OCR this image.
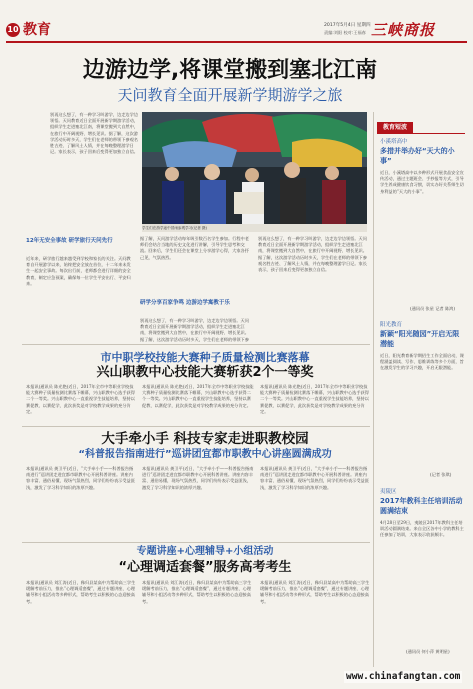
10 教育	2017年5月4日 星期四
责编:刘阳 校对:王福春 三峡商报
边游边学,将课堂搬到塞北江南
天问教育全面开展新学期游学之旅
别再这么想了，有一种学习叫游学，边走边学边领悟。天问教育近日全面开展新学期游学活动，组织学生走进塞北江南，将课堂搬到大自然中，在旅行中开阔视野、增长见识。据了解，这次游学活动历时多天，学生们在老师的带领下参观名胜古迹、了解风土人情，并在每晚整理游学日记。家长表示，孩子回来后变得更加独立自信。
学生们在游学途中冒雨参观学习(记者 摄)
12年无安全事故 研学旅行天问先行
近年来，研学旅行越来越受到学校和家长的关注。天问教育自开展游学以来，始终把安全放在首位，十二年来未发生一起安全事故。每次出行前，老师都会进行详细的安全教育，制定应急预案，确保每一位学生平安出行、平安归来。
据了解，天问游学活动每年吸引数百名学生参加。行程中老师们会结合当地的历史文化进行讲解，引导学生思考和交流。回来后，学生们还会在课堂上分享游学心得，大家各抒己见，气氛热烈。
研学分享百家争鸣 边游边学寓教于乐
别再这么想了，有一种学习叫游学，边走边学边领悟。天问教育近日全面开展新学期游学活动，组织学生走进塞北江南，将课堂搬到大自然中，在旅行中开阔视野、增长见识。据了解，这次游学活动历时多天，学生们在老师的带领下参
别再这么想了，有一种学习叫游学，边走边学边领悟。天问教育近日全面开展新学期游学活动，组织学生走进塞北江南，将课堂搬到大自然中，在旅行中开阔视野、增长见识。据了解，这次游学活动历时多天，学生们在老师的带领下参观名胜古迹、了解风土人情，并在每晚整理游学日记。家长表示，孩子回来后变得更加独立自信。
教育短波
小溪塔高中
多措并举办好“天大的小事”
近日，小溪塔高中以多种形式开展食品安全宣传活动，通过主题班会、手抄报等方式，引导学生养成健康饮食习惯，切实办好关系师生切身利益的“天大的小事”。
(通讯员 张星 记者 陈鸿)
阳光教育
新颖“阳光随园”开启无限潜能
近日，阳光教育新学期招生工作全面启动，课程涵盖阅读、写作、思维训练等多个方面，旨在激发学生的学习兴趣，开启无限潜能。
(记者 张琪)
夷陵区
2017年教科主任培训活动圆满结束
4月28日至29日，夷陵区2017年教科主任培训活动圆满结束。来自全区各中小学的教科主任参加了培训，大家表示收获颇丰。
(通讯员 何小萍 黄明星)
市中职学校技能大赛种子质量检测比赛落幕
兴山职教中心技能大赛斩获2个一等奖
本报讯(通讯员 陈光艳)近日，2017年全市中等职业学校技能大赛种子质量检测比赛落下帷幕，兴山职教中心选手获得二个一等奖。兴山职教中心一直重视学生技能培养，坚持以赛促教、以赛促学，此次获奖是对学校教学成果的充分肯定。
本报讯(通讯员 陈光艳)近日，2017年全市中等职业学校技能大赛种子质量检测比赛落下帷幕，兴山职教中心选手获得二个一等奖。兴山职教中心一直重视学生技能培养，坚持以赛促教、以赛促学，此次获奖是对学校教学成果的充分肯定。
本报讯(通讯员 陈光艳)近日，2017年全市中等职业学校技能大赛种子质量检测比赛落下帷幕，兴山职教中心选手获得二个一等奖。兴山职教中心一直重视学生技能培养，坚持以赛促教、以赛促学，此次获奖是对学校教学成果的充分肯定。
大手牵小手 科技专家走进职教校园
“科普报告指南进行”巡讲团宜都市职教中心讲座圆满成功
本报讯(通讯员 龚卫平)近日，“大手牵小手——科普报告指南进行”巡讲团走进宜都市职教中心开展科普讲座。讲座内容丰富、通俗易懂，现场气氛热烈，同学们纷纷表示受益匪浅，激发了学习科学知识的浓厚兴趣。
本报讯(通讯员 龚卫平)近日，“大手牵小手——科普报告指南进行”巡讲团走进宜都市职教中心开展科普讲座。讲座内容丰富、通俗易懂，现场气氛热烈，同学们纷纷表示受益匪浅，激发了学习科学知识的浓厚兴趣。
本报讯(通讯员 龚卫平)近日，“大手牵小手——科普报告指南进行”巡讲团走进宜都市职教中心开展科普讲座。讲座内容丰富、通俗易懂，现场气氛热烈，同学们纷纷表示受益匪浅，激发了学习科学知识的浓厚兴趣。
专题讲座+心理辅导+小组活动
“心理调适套餐”服务高考考生
本报讯(通讯员 刘江涛)近日，秭归县某高中为帮助高三学生缓解考前压力，推出“心理调适套餐”，通过专题讲座、心理辅导和小组活动等多种形式，帮助考生以积极的心态迎接高考。
本报讯(通讯员 刘江涛)近日，秭归县某高中为帮助高三学生缓解考前压力，推出“心理调适套餐”，通过专题讲座、心理辅导和小组活动等多种形式，帮助考生以积极的心态迎接高考。
本报讯(通讯员 刘江涛)近日，秭归县某高中为帮助高三学生缓解考前压力，推出“心理调适套餐”，通过专题讲座、心理辅导和小组活动等多种形式，帮助考生以积极的心态迎接高考。
www.chinafangtan.com
